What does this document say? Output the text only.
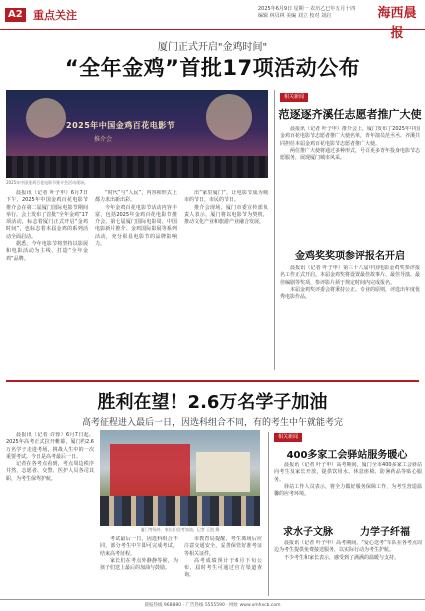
A2 重点关注	2025年6月9日 星期一 农历乙巳年五月十四
编辑 林贝林 美编 刘立 校对 刘启	海西晨报
厦门正式开启"金鸡时间"
“全年金鸡”首批17项活动公布
2025年中国金鸡百花电影节
推介会
2025年中国金鸡百花电影节推介会活动现场。

晨报讯（记者 叶子申）6月7日下午，2025年中国金鸡百花电影节推介会在第二届厦门国际电影节期间举行。会上发布了首批“全年金鸡”17项活动，标志着厦门正式开启“金鸡时间”，也标志着本届金鸡的系列活动全面启动。

据悉，今年电影节将坚持以影展和电影活动为主线，打造“全年金鸡”品牌。

“时代”与“人民”，内容和形式上都力求出新出彩。

今年金鸡百花电影节活动内容丰富，包括2025年金鸡百花电影节推介会、第七届厦门国际电影周、中国电影新片推介、金鸡国际影展等系列活动，充分彰显电影节的品牌影响力。

出“家里厦门”，让电影节成为城市的节日，市民的节日。

推介会现场，厦门市委宣传部负责人表示，厦门将以电影节为契机，推动文化产业和旅游产业融合发展。

相关新闻
范逐逐齐溪任志愿者推广大使

晨报讯（记者 叶子申）推介会上，厦门发布了2025年中国金鸡百花电影节志愿者推广大使名单，青年演员范丞丞、齐溪共同担任本届金鸡百花电影节志愿者推广大使。

两位推广大使将通过多种形式，号召更多青年投身电影节志愿服务，展现厦门城市风采。

金鸡奖奖项参评报名开启

晨报讯（记者 叶子申）第三十八届中国电影金鸡奖参评报名工作正式开启。本届金鸡奖将设置最佳故事片、最佳导演、最佳编剧等奖项，参评影片须于规定时间内完成报名。

本届金鸡奖评委会将秉持公正、专业的原则，评选出年度优秀电影作品。

胜利在望！2.6万名学子加油
高考征程进入最后一日，因选科组合不同，有的考生中午就能考完

晨报讯（记者 许蓉）6月7日起，2025年高考正式拉开帷幕，厦门约2.6万名学子走进考场，挑战人生中的一次重要考试。今日是高考最后一日。

记者在各考点看到，考点周边秩序井然，志愿者、交警、医护人员各司其职，为考生保驾护航。

厦门考场外，家长们送考加油。记者 王凯 摄

考试最后一日，因选科组合不同，部分考生中午即可完成考试，结束高考征程。

家长们在考点外静静等候，为孩子们送上最后的加油与鼓励。

市教育局提醒，考生离场后应注意交通安全，妥善保管好准考证等相关证件。

高考成绩预计于6月下旬公布，届时考生可通过官方渠道查询。

相关新闻
400多家工会驿站服务暖心

晨报讯（记者 叶子申）高考期间，厦门全市400多家工会驿站向考生及家长开放，提供饮用水、休息座椅、防暑药品等贴心服务。

驿站工作人员表示，将全力做好服务保障工作，为考生营造温馨的应考环境。

求水子文脉	力学子纤福

晨报讯（记者 叶子申）高考期间，“爱心送考”车队在各考点周边为考生提供免费接送服务，以实际行动为考生护航。

不少考生和家长表示，感受到了满满的温暖与支持。

晨报热线 968880 · 广告热线 5555590 · 网址 www.xmhxcb.com
